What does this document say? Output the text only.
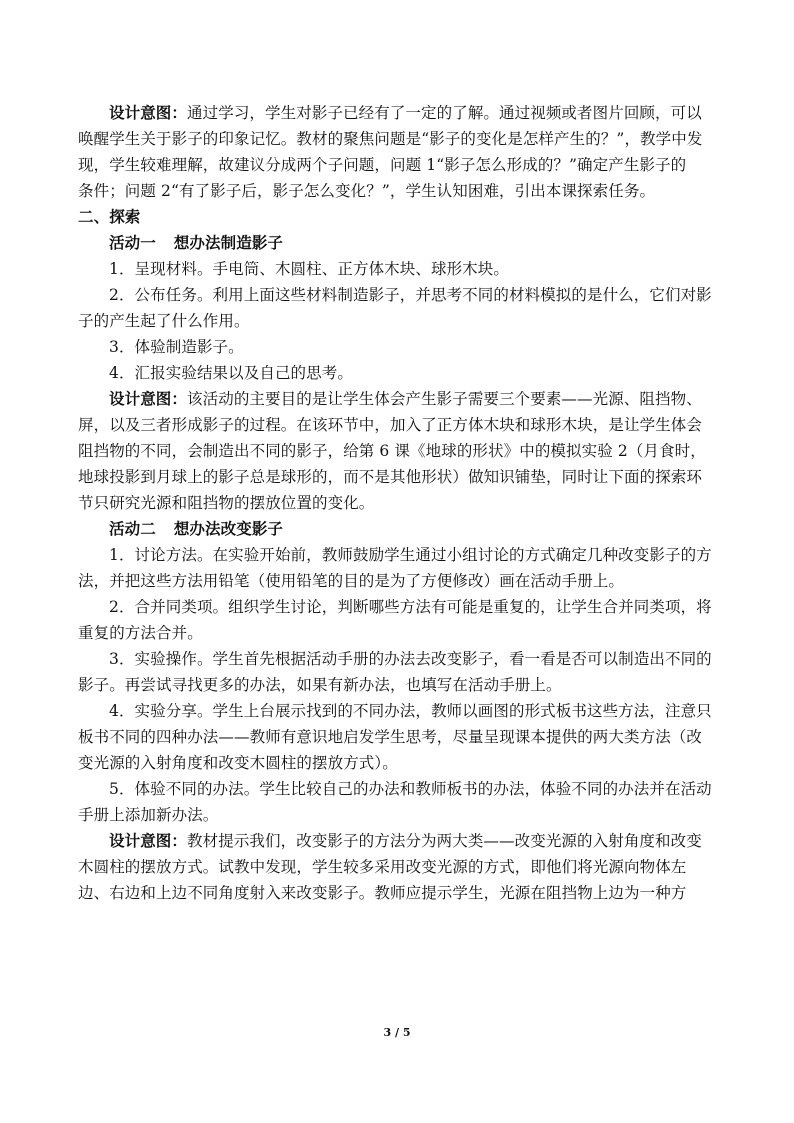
设计意图：通过学习，学生对影子已经有了一定的了解。通过视频或者图片回顾，可以
唤醒学生关于影子的印象记忆。教材的聚焦问题是“影子的变化是怎样产生的？”，教学中发
现，学生较难理解，故建议分成两个子问题，问题 1“影子怎么形成的？”确定产生影子的
条件；问题 2“有了影子后，影子怎么变化？”，学生认知困难，引出本课探索任务。
二、探索
活动一 想办法制造影子
1．呈现材料。手电筒、木圆柱、正方体木块、球形木块。
2．公布任务。利用上面这些材料制造影子，并思考不同的材料模拟的是什么，它们对影
子的产生起了什么作用。
3．体验制造影子。
4．汇报实验结果以及自己的思考。
设计意图：该活动的主要目的是让学生体会产生影子需要三个要素——光源、阻挡物、
屏，以及三者形成影子的过程。在该环节中，加入了正方体木块和球形木块，是让学生体会
阻挡物的不同，会制造出不同的影子，给第 6 课《地球的形状》中的模拟实验 2（月食时，
地球投影到月球上的影子总是球形的，而不是其他形状）做知识铺垫，同时让下面的探索环
节只研究光源和阻挡物的摆放位置的变化。
活动二 想办法改变影子
1．讨论方法。在实验开始前，教师鼓励学生通过小组讨论的方式确定几种改变影子的方
法，并把这些方法用铅笔（使用铅笔的目的是为了方便修改）画在活动手册上。
2．合并同类项。组织学生讨论，判断哪些方法有可能是重复的，让学生合并同类项，将
重复的方法合并。
3．实验操作。学生首先根据活动手册的办法去改变影子，看一看是否可以制造出不同的
影子。再尝试寻找更多的办法，如果有新办法，也填写在活动手册上。
4．实验分享。学生上台展示找到的不同办法，教师以画图的形式板书这些方法，注意只
板书不同的四种办法——教师有意识地启发学生思考，尽量呈现课本提供的两大类方法（改
变光源的入射角度和改变木圆柱的摆放方式）。
5．体验不同的办法。学生比较自己的办法和教师板书的办法，体验不同的办法并在活动
手册上添加新办法。
设计意图：教材提示我们，改变影子的方法分为两大类——改变光源的入射角度和改变
木圆柱的摆放方式。试教中发现，学生较多采用改变光源的方式，即他们将光源向物体左
边、右边和上边不同角度射入来改变影子。教师应提示学生，光源在阻挡物上边为一种方
3 / 5
